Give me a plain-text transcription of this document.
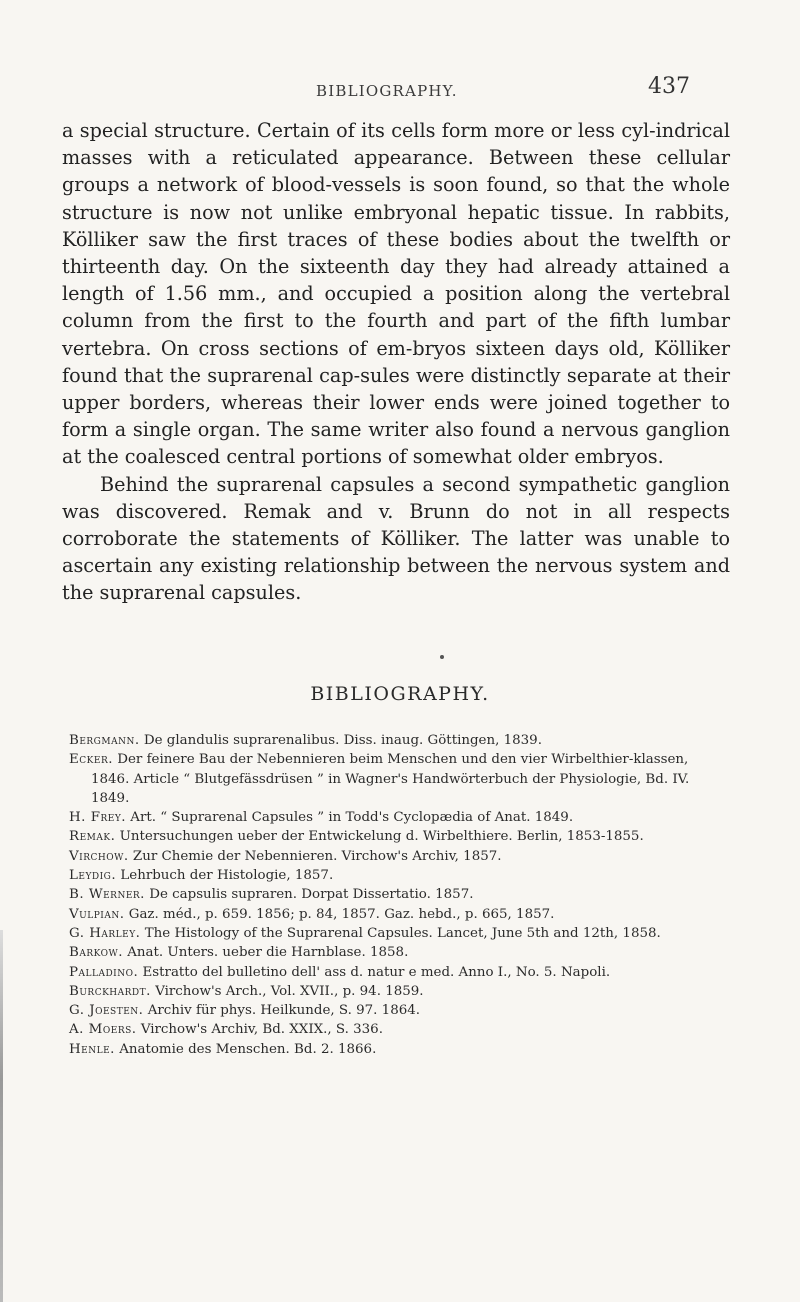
BIBLIOGRAPHY.	437

a special structure. Certain of its cells form more or less cyl-indrical masses with a reticulated appearance. Between these cellular groups a network of blood-vessels is soon found, so that the whole structure is now not unlike embryonal hepatic tissue. In rabbits, Kölliker saw the first traces of these bodies about the twelfth or thirteenth day. On the sixteenth day they had already attained a length of 1.56 mm., and occupied a position along the vertebral column from the first to the fourth and part of the fifth lumbar vertebra. On cross sections of em-bryos sixteen days old, Kölliker found that the suprarenal cap-sules were distinctly separate at their upper borders, whereas their lower ends were joined together to form a single organ. The same writer also found a nervous ganglion at the coalesced central portions of somewhat older embryos.

Behind the suprarenal capsules a second sympathetic ganglion was discovered. Remak and v. Brunn do not in all respects corroborate the statements of Kölliker. The latter was unable to ascertain any existing relationship between the nervous system and the suprarenal capsules.

BIBLIOGRAPHY.
Bergmann. De glandulis suprarenalibus. Diss. inaug. Göttingen, 1839.
Ecker. Der feinere Bau der Nebennieren beim Menschen und den vier Wirbelthier-klassen, 1846. Article “ Blutgefässdrüsen ” in Wagner's Handwörterbuch der Physiologie, Bd. IV. 1849.
H. Frey. Art. “ Suprarenal Capsules ” in Todd's Cyclopædia of Anat. 1849.
Remak. Untersuchungen ueber der Entwickelung d. Wirbelthiere. Berlin, 1853-1855.
Virchow. Zur Chemie der Nebennieren. Virchow's Archiv, 1857.
Leydig. Lehrbuch der Histologie, 1857.
B. Werner. De capsulis supraren. Dorpat Dissertatio. 1857.
Vulpian. Gaz. méd., p. 659. 1856; p. 84, 1857. Gaz. hebd., p. 665, 1857.
G. Harley. The Histology of the Suprarenal Capsules. Lancet, June 5th and 12th, 1858.
Barkow. Anat. Unters. ueber die Harnblase. 1858.
Palladino. Estratto del bulletino dell' ass d. natur e med. Anno I., No. 5. Napoli.
Burckhardt. Virchow's Arch., Vol. XVII., p. 94. 1859.
G. Joesten. Archiv für phys. Heilkunde, S. 97. 1864.
A. Moers. Virchow's Archiv, Bd. XXIX., S. 336.
Henle. Anatomie des Menschen. Bd. 2. 1866.
